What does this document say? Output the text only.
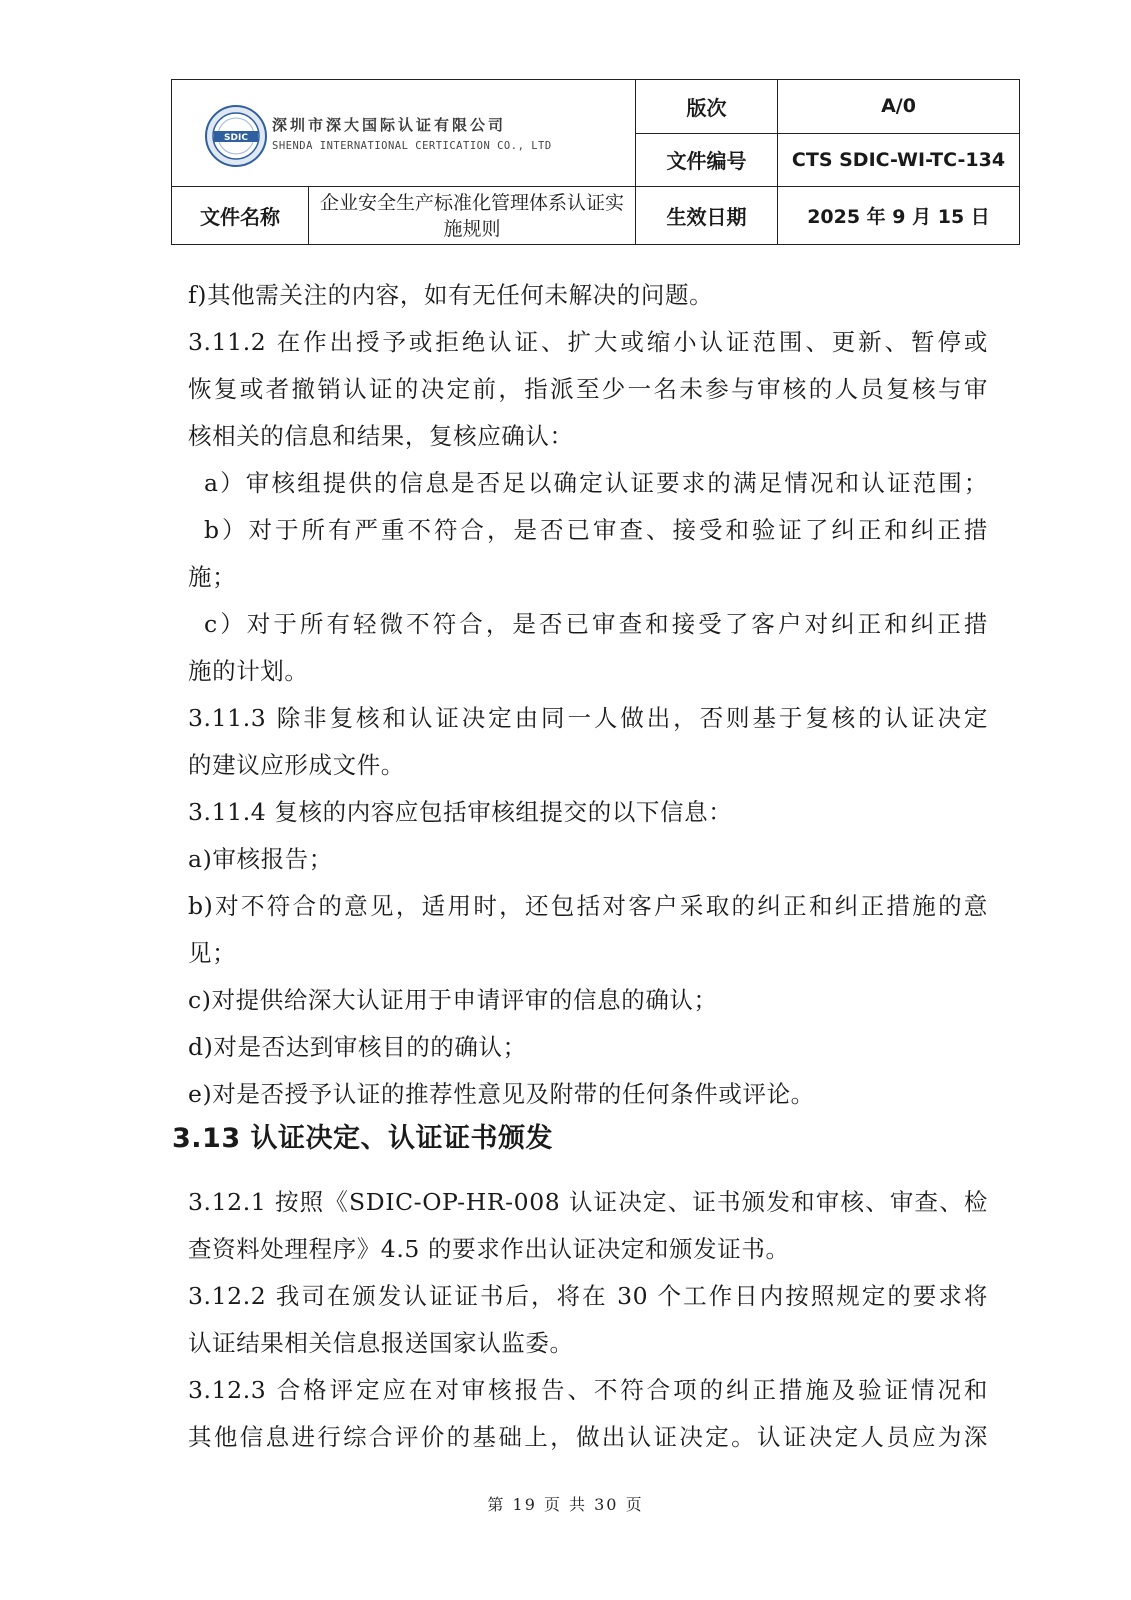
SDIC
深圳市深大国际认证有限公司
SHENDA INTERNATIONAL CERTICATION CO., LTD		版次	A/0
		文件编号	CTS SDIC-WI-TC-134
文件名称	企业安全生产标准化管理体系认证实施规则	生效日期	2025 年 9 月 15 日
f)其他需关注的内容，如有无任何未解决的问题。
3.11.2 在作出授予或拒绝认证、扩大或缩小认证范围、更新、暂停或
恢复或者撤销认证的决定前，指派至少一名未参与审核的人员复核与审
核相关的信息和结果，复核应确认：
a）审核组提供的信息是否足以确定认证要求的满足情况和认证范围；
b）对于所有严重不符合，是否已审查、接受和验证了纠正和纠正措
施；
c）对于所有轻微不符合，是否已审查和接受了客户对纠正和纠正措
施的计划。
3.11.3 除非复核和认证决定由同一人做出，否则基于复核的认证决定
的建议应形成文件。
3.11.4 复核的内容应包括审核组提交的以下信息：
a)审核报告；
b)对不符合的意见，适用时，还包括对客户采取的纠正和纠正措施的意
见；
c)对提供给深大认证用于申请评审的信息的确认；
d)对是否达到审核目的的确认；
e)对是否授予认证的推荐性意见及附带的任何条件或评论。
3.13 认证决定、认证证书颁发
3.12.1 按照《SDIC-OP-HR-008 认证决定、证书颁发和审核、审查、检
查资料处理程序》4.5 的要求作出认证决定和颁发证书。
3.12.2 我司在颁发认证证书后，将在 30 个工作日内按照规定的要求将
认证结果相关信息报送国家认监委。
3.12.3 合格评定应在对审核报告、不符合项的纠正措施及验证情况和
其他信息进行综合评价的基础上，做出认证决定。认证决定人员应为深
第 19 页 共 30 页
